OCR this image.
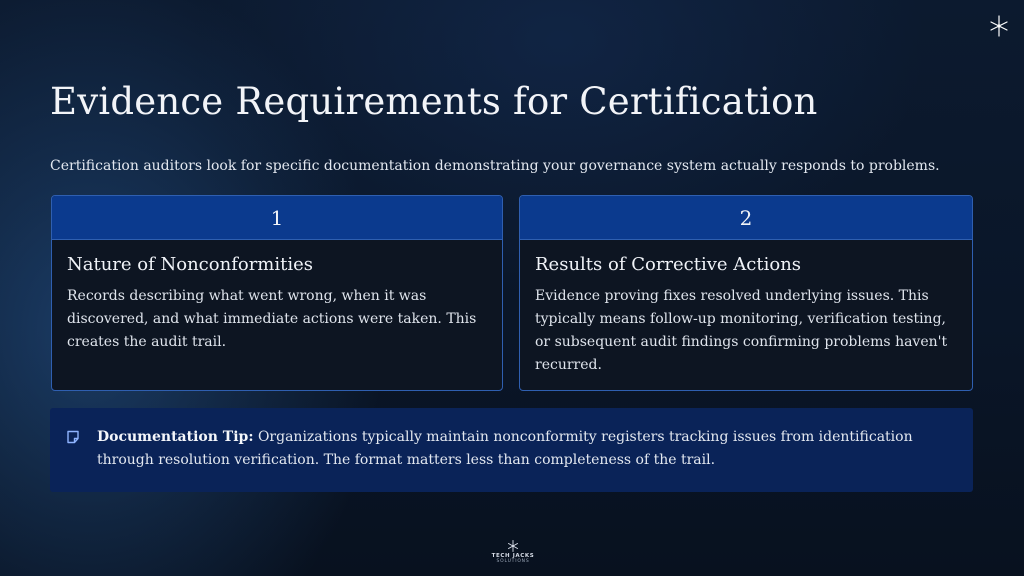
Evidence Requirements for Certification

Certification auditors look for specific documentation demonstrating your governance system actually responds to problems.

1
Nature of Nonconformities

Records describing what went wrong, when it was discovered, and what immediate actions were taken. This creates the audit trail.

2
Results of Corrective Actions

Evidence proving fixes resolved underlying issues. This typically means follow-up monitoring, verification testing, or subsequent audit findings confirming problems haven't recurred.

Documentation Tip: Organizations typically maintain nonconformity registers tracking issues from identification through resolution verification. The format matters less than completeness of the trail.

TECH JACKS
SOLUTIONS
